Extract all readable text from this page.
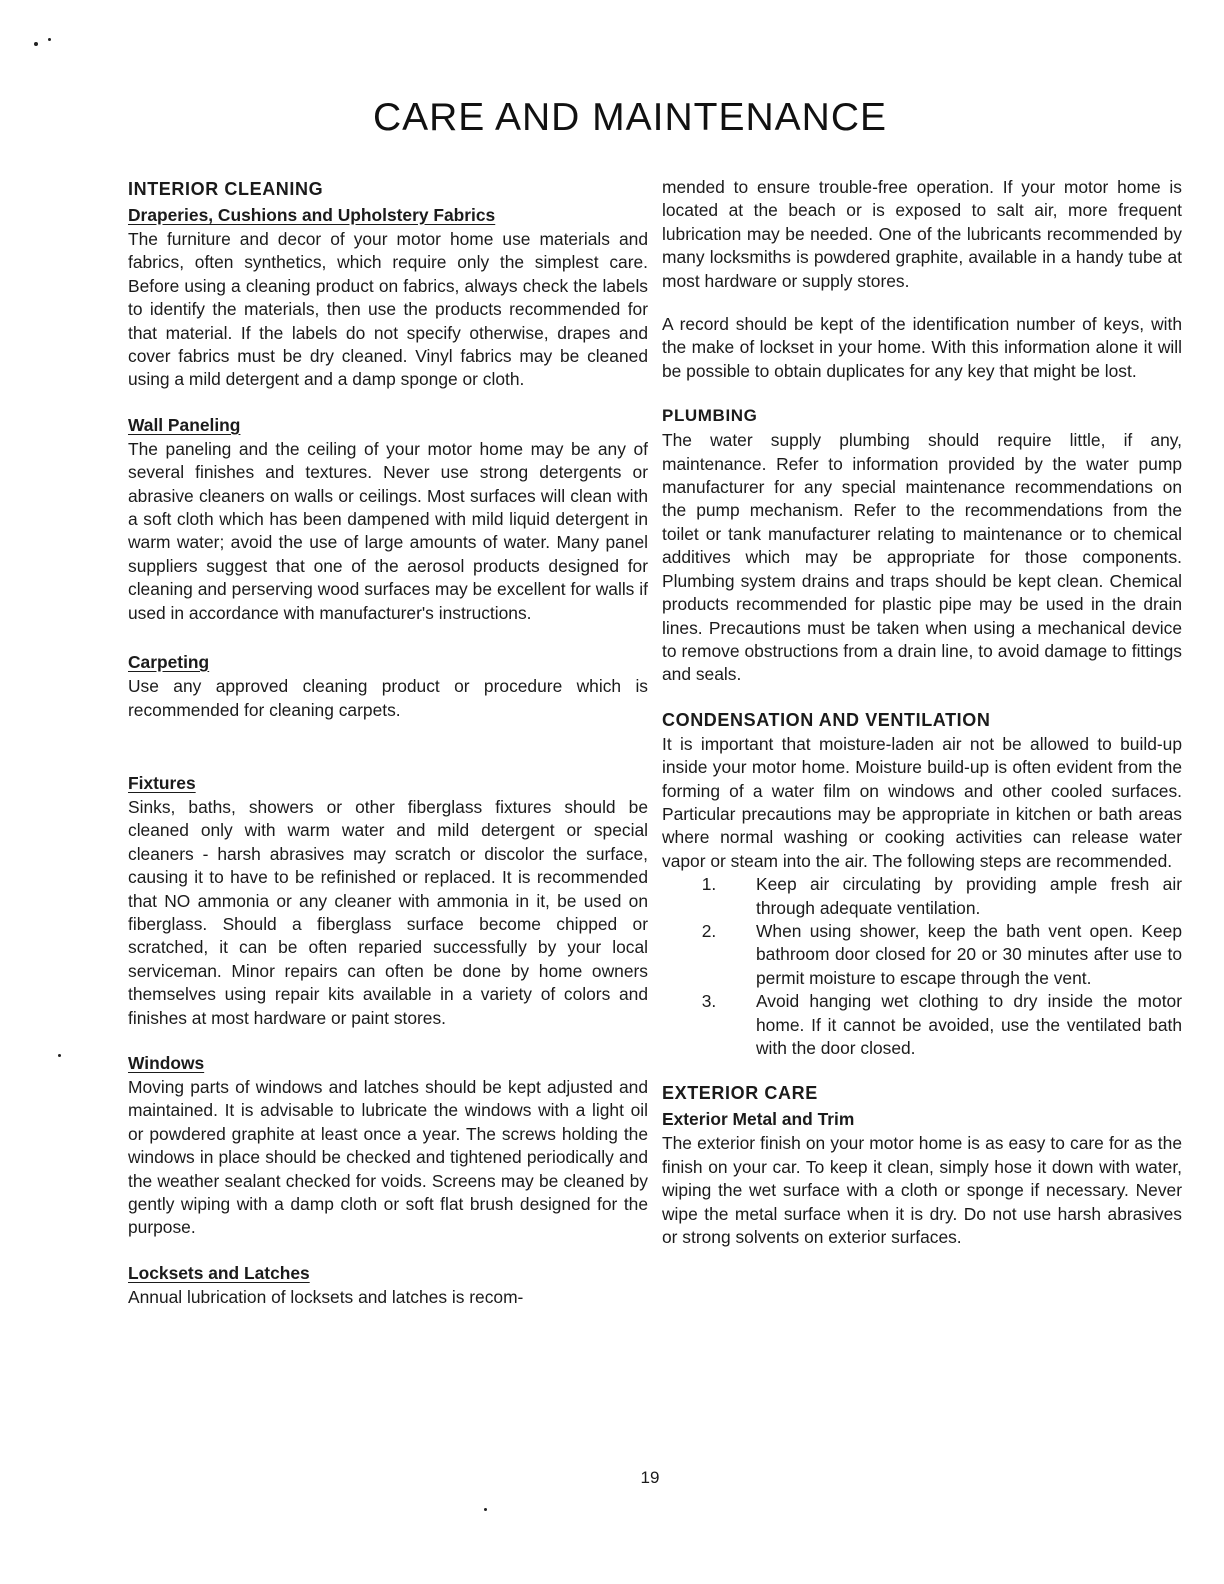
CARE AND MAINTENANCE
INTERIOR CLEANING
Draperies, Cushions and Upholstery Fabrics

The furniture and decor of your motor home use materials and fabrics, often synthetics, which require only the simplest care. Before using a cleaning product on fabrics, always check the labels to identify the materials, then use the products recommended for that material. If the labels do not specify otherwise, drapes and cover fabrics must be dry cleaned. Vinyl fabrics may be cleaned using a mild detergent and a damp sponge or cloth.

Wall Paneling

The paneling and the ceiling of your motor home may be any of several finishes and textures. Never use strong detergents or abrasive cleaners on walls or ceilings. Most surfaces will clean with a soft cloth which has been dampened with mild liquid detergent in warm water; avoid the use of large amounts of water. Many panel suppliers suggest that one of the aerosol products designed for cleaning and perserving wood surfaces may be excellent for walls if used in accordance with manufacturer's instructions.

Carpeting

Use any approved cleaning product or procedure which is recommended for cleaning carpets.

Fixtures

Sinks, baths, showers or other fiberglass fixtures should be cleaned only with warm water and mild detergent or special cleaners - harsh abrasives may scratch or discolor the surface, causing it to have to be refinished or replaced. It is recommended that NO ammonia or any cleaner with ammonia in it, be used on fiberglass. Should a fiberglass surface become chipped or scratched, it can be often reparied successfully by your local serviceman. Minor repairs can often be done by home owners themselves using repair kits available in a variety of colors and finishes at most hardware or paint stores.

Windows

Moving parts of windows and latches should be kept adjusted and maintained. It is advisable to lubricate the windows with a light oil or powdered graphite at least once a year. The screws holding the windows in place should be checked and tightened periodically and the weather sealant checked for voids. Screens may be cleaned by gently wiping with a damp cloth or soft flat brush designed for the purpose.

Locksets and Latches

Annual lubrication of locksets and latches is recom-

mended to ensure trouble-free operation. If your motor home is located at the beach or is exposed to salt air, more frequent lubrication may be needed. One of the lubricants recommended by many locksmiths is powdered graphite, available in a handy tube at most hardware or supply stores.

A record should be kept of the identification number of keys, with the make of lockset in your home. With this information alone it will be possible to obtain duplicates for any key that might be lost.

PLUMBING

The water supply plumbing should require little, if any, maintenance. Refer to information provided by the water pump manufacturer for any special maintenance recommendations on the pump mechanism. Refer to the recommendations from the toilet or tank manufacturer relating to maintenance or to chemical additives which may be appropriate for those components. Plumbing system drains and traps should be kept clean. Chemical products recommended for plastic pipe may be used in the drain lines. Precautions must be taken when using a mechanical device to remove obstructions from a drain line, to avoid damage to fittings and seals.

CONDENSATION AND VENTILATION

It is important that moisture-laden air not be allowed to build-up inside your motor home. Moisture build-up is often evident from the forming of a water film on windows and other cooled surfaces. Particular precautions may be appropriate in kitchen or bath areas where normal washing or cooking activities can release water vapor or steam into the air. The following steps are recommended.

1.	Keep air circulating by providing ample fresh air through adequate ventilation.
2.	When using shower, keep the bath vent open. Keep bathroom door closed for 20 or 30 minutes after use to permit moisture to escape through the vent.
3.	Avoid hanging wet clothing to dry inside the motor home. If it cannot be avoided, use the ventilated bath with the door closed.
EXTERIOR CARE
Exterior Metal and Trim

The exterior finish on your motor home is as easy to care for as the finish on your car. To keep it clean, simply hose it down with water, wiping the wet surface with a cloth or sponge if necessary. Never wipe the metal surface when it is dry. Do not use harsh abrasives or strong solvents on exterior surfaces.

19
